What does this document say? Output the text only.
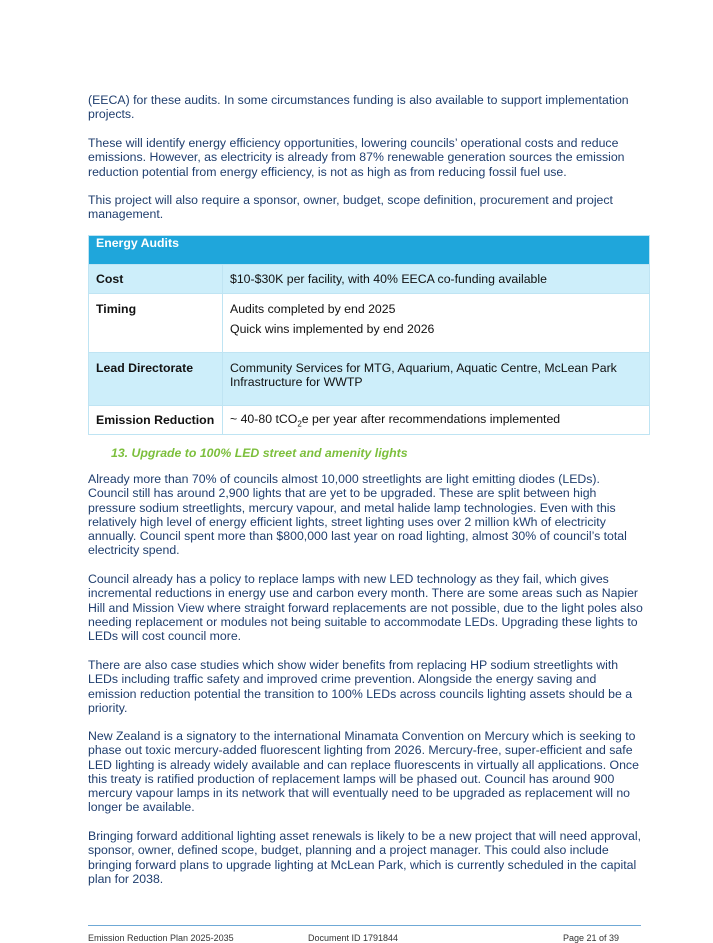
(EECA) for these audits. In some circumstances funding is also available to support implementation
projects.

These will identify energy efficiency opportunities, lowering councils’ operational costs and reduce
emissions. However, as electricity is already from 87% renewable generation sources the emission
reduction potential from energy efficiency, is not as high as from reducing fossil fuel use.

This project will also require a sponsor, owner, budget, scope definition, procurement and project
management.

Energy Audits	
Cost	$10-$30K per facility, with 40% EECA co-funding available
Timing	Audits completed by end 2025
Quick wins implemented by end 2026

Lead Directorate	Community Services for MTG, Aquarium, Aquatic Centre, McLean Park
Infrastructure for WWTP

Emission Reduction	~ 40-80 tCO$_2$e per year after recommendations implemented
13. Upgrade to 100% LED street and amenity lights

Already more than 70% of councils almost 10,000 streetlights are light emitting diodes (LEDs).
Council still has around 2,900 lights that are yet to be upgraded. These are split between high
pressure sodium streetlights, mercury vapour, and metal halide lamp technologies. Even with this
relatively high level of energy efficient lights, street lighting uses over 2 million kWh of electricity
annually. Council spent more than $800,000 last year on road lighting, almost 30% of council’s total
electricity spend.

Council already has a policy to replace lamps with new LED technology as they fail, which gives
incremental reductions in energy use and carbon every month. There are some areas such as Napier
Hill and Mission View where straight forward replacements are not possible, due to the light poles also
needing replacement or modules not being suitable to accommodate LEDs. Upgrading these lights to
LEDs will cost council more.

There are also case studies which show wider benefits from replacing HP sodium streetlights with
LEDs including traffic safety and improved crime prevention. Alongside the energy saving and
emission reduction potential the transition to 100% LEDs across councils lighting assets should be a
priority.

New Zealand is a signatory to the international Minamata Convention on Mercury which is seeking to
phase out toxic mercury-added fluorescent lighting from 2026. Mercury-free, super-efficient and safe
LED lighting is already widely available and can replace fluorescents in virtually all applications. Once
this treaty is ratified production of replacement lamps will be phased out. Council has around 900
mercury vapour lamps in its network that will eventually need to be upgraded as replacement will no
longer be available.

Bringing forward additional lighting asset renewals is likely to be a new project that will need approval,
sponsor, owner, defined scope, budget, planning and a project manager. This could also include
bringing forward plans to upgrade lighting at McLean Park, which is currently scheduled in the capital
plan for 2038.

Emission Reduction Plan 2025-2035	Document ID 1791844	Page 21 of 39
